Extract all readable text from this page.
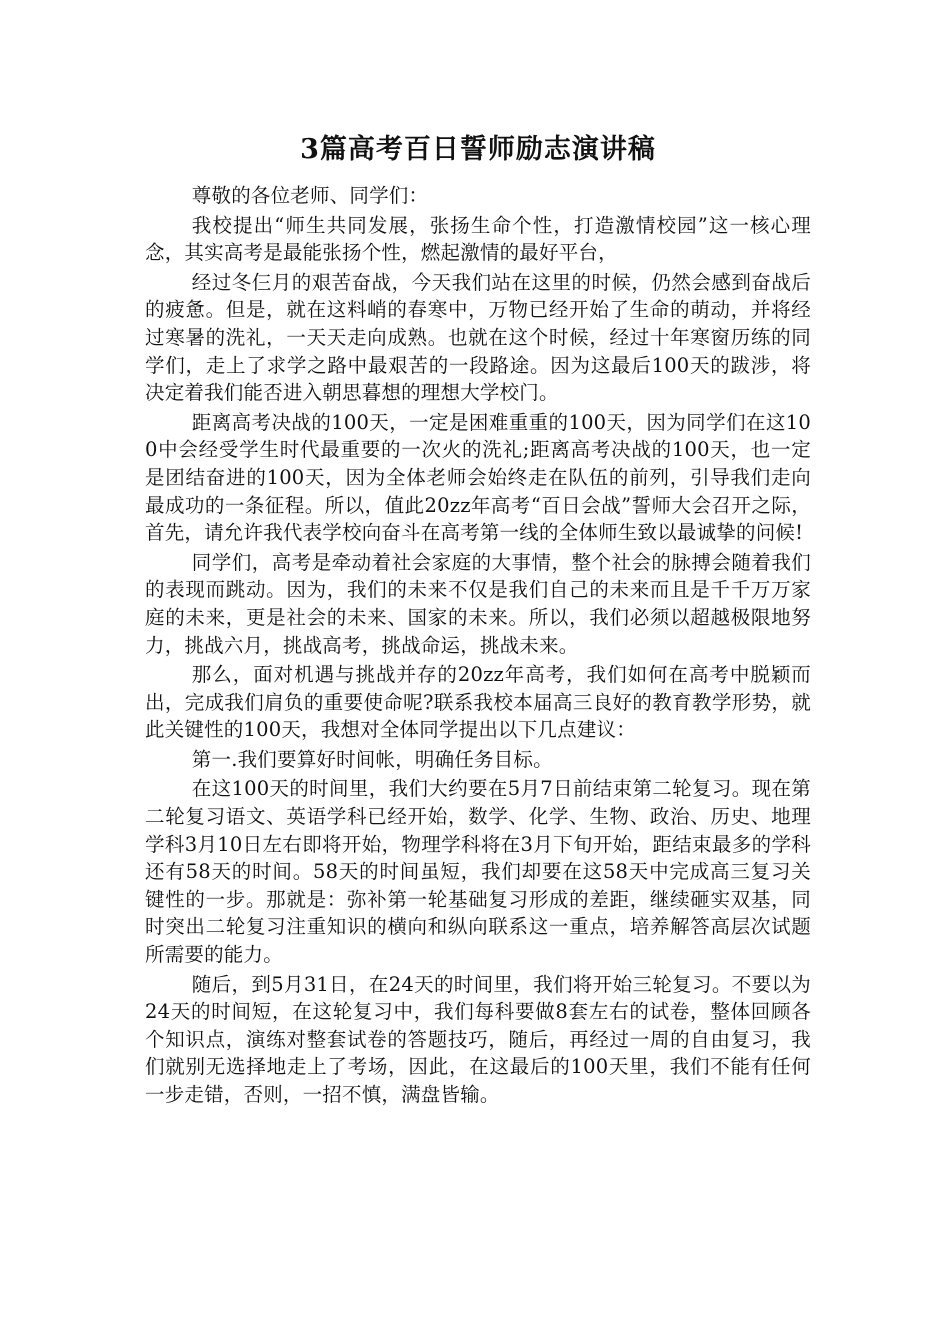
3篇高考百日誓师励志演讲稿

尊敬的各位老师、同学们：

我校提出“师生共同发展，张扬生命个性，打造激情校园”这一核心理念，其实高考是最能张扬个性，燃起激情的最好平台，

经过冬仨月的艰苦奋战，今天我们站在这里的时候，仍然会感到奋战后的疲惫。但是，就在这料峭的春寒中，万物已经开始了生命的萌动，并将经过寒暑的洗礼，一天天走向成熟。也就在这个时候，经过十年寒窗历练的同学们，走上了求学之路中最艰苦的一段路途。因为这最后100天的跋涉，将决定着我们能否进入朝思暮想的理想大学校门。

距离高考决战的100天，一定是困难重重的100天，因为同学们在这100中会经受学生时代最重要的一次火的洗礼;距离高考决战的100天，也一定是团结奋进的100天，因为全体老师会始终走在队伍的前列，引导我们走向最成功的一条征程。所以，值此20zz年高考“百日会战”誓师大会召开之际，首先，请允许我代表学校向奋斗在高考第一线的全体师生致以最诚挚的问候!

同学们，高考是牵动着社会家庭的大事情，整个社会的脉搏会随着我们的表现而跳动。因为，我们的未来不仅是我们自己的未来而且是千千万万家庭的未来，更是社会的未来、国家的未来。所以，我们必须以超越极限地努力，挑战六月，挑战高考，挑战命运，挑战未来。

那么，面对机遇与挑战并存的20zz年高考，我们如何在高考中脱颖而出，完成我们肩负的重要使命呢?联系我校本届高三良好的教育教学形势，就此关键性的100天，我想对全体同学提出以下几点建议：

第一.我们要算好时间帐，明确任务目标。

在这100天的时间里，我们大约要在5月7日前结束第二轮复习。现在第二轮复习语文、英语学科已经开始，数学、化学、生物、政治、历史、地理学科3月10日左右即将开始，物理学科将在3月下旬开始，距结束最多的学科还有58天的时间。58天的时间虽短，我们却要在这58天中完成高三复习关键性的一步。那就是：弥补第一轮基础复习形成的差距，继续砸实双基，同时突出二轮复习注重知识的横向和纵向联系这一重点，培养解答高层次试题所需要的能力。

随后，到5月31日，在24天的时间里，我们将开始三轮复习。不要以为24天的时间短，在这轮复习中，我们每科要做8套左右的试卷，整体回顾各个知识点，演练对整套试卷的答题技巧，随后，再经过一周的自由复习，我们就别无选择地走上了考场，因此，在这最后的100天里，我们不能有任何一步走错，否则，一招不慎，满盘皆输。
